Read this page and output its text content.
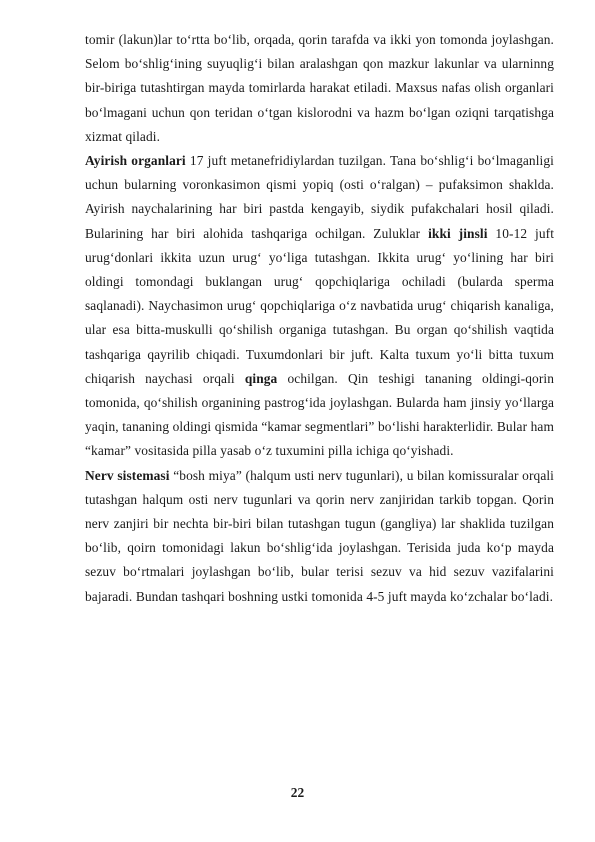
tomir (lakun)lar to‘rtta bo‘lib, orqada, qorin tarafda va ikki yon tomonda joylashgan. Selom bo‘shlig‘ining suyuqlig‘i bilan aralashgan qon mazkur lakunlar va ularninng bir-biriga tutashtirgan mayda tomirlarda harakat etiladi. Maxsus nafas olish organlari bo‘lmagani uchun qon teridan o‘tgan kislorodni va hazm bo‘lgan oziqni tarqatishga xizmat qiladi.

Ayirish organlari 17 juft metanefridiylardan tuzilgan. Tana bo‘shlig‘i bo‘lmaganligi uchun bularning voronkasimon qismi yopiq (osti o‘ralgan) – pufaksimon shaklda. Ayirish naychalarining har biri pastda kengayib, siydik pufakchalari hosil qiladi. Bularining har biri alohida tashqariga ochilgan. Zuluklar ikki jinsli 10-12 juft urug‘donlari ikkita uzun urug‘ yo‘liga tutashgan. Ikkita urug‘ yo‘lining har biri oldingi tomondagi buklangan urug‘ qopchiqlariga ochiladi (bularda sperma saqlanadi). Naychasimon urug‘ qopchiqlariga o‘z navbatida urug‘ chiqarish kanaliga, ular esa bitta-muskulli qo‘shilish organiga tutashgan. Bu organ qo‘shilish vaqtida tashqariga qayrilib chiqadi. Tuxumdonlari bir juft. Kalta tuxum yo‘li bitta tuxum chiqarish naychasi orqali qinga ochilgan. Qin teshigi tananing oldingi-qorin tomonida, qo‘shilish organining pastrog‘ida joylashgan. Bularda ham jinsiy yo‘llarga yaqin, tananing oldingi qismida “kamar segmentlari” bo‘lishi harakterlidir. Bular ham “kamar” vositasida pilla yasab o‘z tuxumini pilla ichiga qo‘yishadi.

Nerv sistemasi “bosh miya” (halqum usti nerv tugunlari), u bilan komissuralar orqali tutashgan halqum osti nerv tugunlari va qorin nerv zanjiridan tarkib topgan. Qorin nerv zanjiri bir nechta bir-biri bilan tutashgan tugun (gangliya) lar shaklida tuzilgan bo‘lib, qoirn tomonidagi lakun bo‘shlig‘ida joylashgan. Terisida juda ko‘p mayda sezuv bo‘rtmalari joylashgan bo‘lib, bular terisi sezuv va hid sezuv vazifalarini bajaradi. Bundan tashqari boshning ustki tomonida 4-5 juft mayda ko‘zchalar bo‘ladi.

22
